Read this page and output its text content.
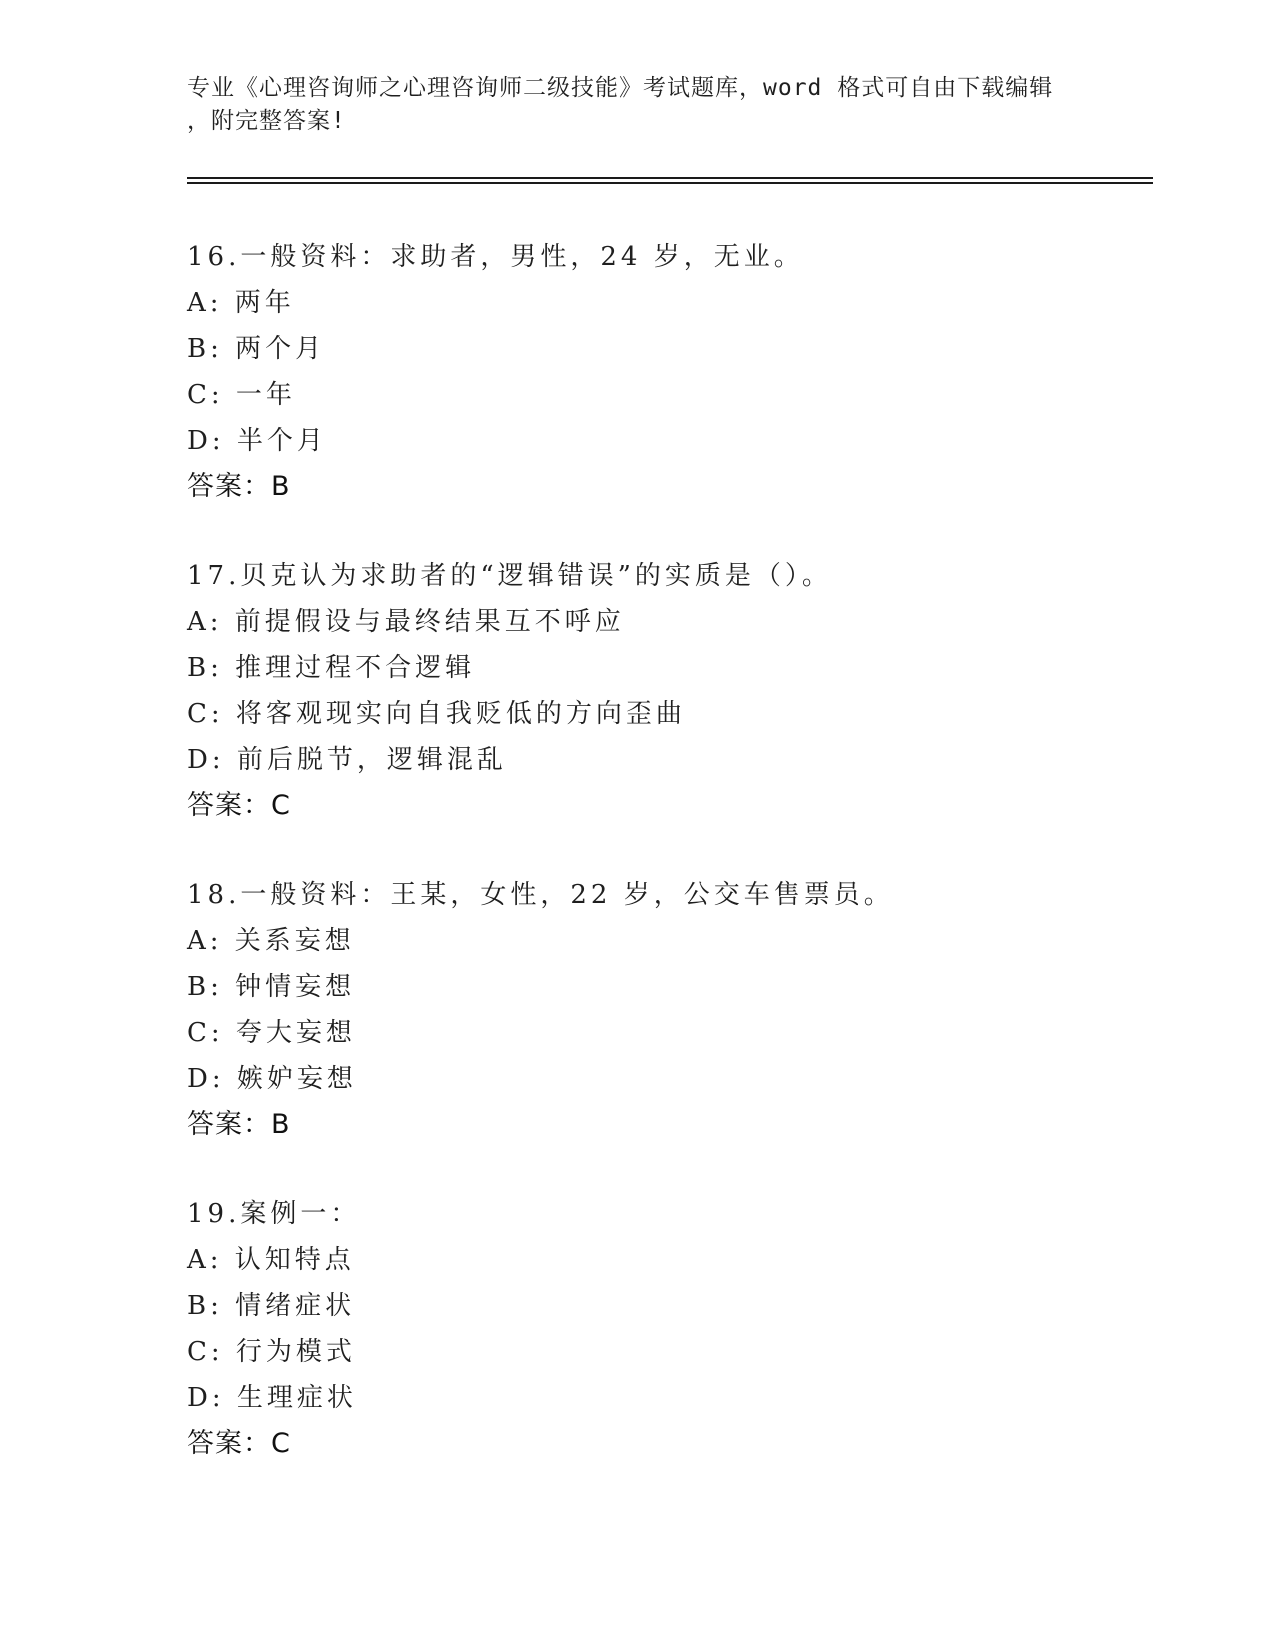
专业《心理咨询师之心理咨询师二级技能》考试题库，word 格式可自由下载编辑
，附完整答案!
16.一般资料：求助者，男性，24 岁，无业。
A: 两年
B: 两个月
C: 一年
D: 半个月
答案：B
17.贝克认为求助者的“逻辑错误”的实质是（）。
A: 前提假设与最终结果互不呼应
B: 推理过程不合逻辑
C: 将客观现实向自我贬低的方向歪曲
D: 前后脱节，逻辑混乱
答案：C
18.一般资料：王某，女性，22 岁，公交车售票员。
A: 关系妄想
B: 钟情妄想
C: 夸大妄想
D: 嫉妒妄想
答案：B
19.案例一：
A: 认知特点
B: 情绪症状
C: 行为模式
D: 生理症状
答案：C
